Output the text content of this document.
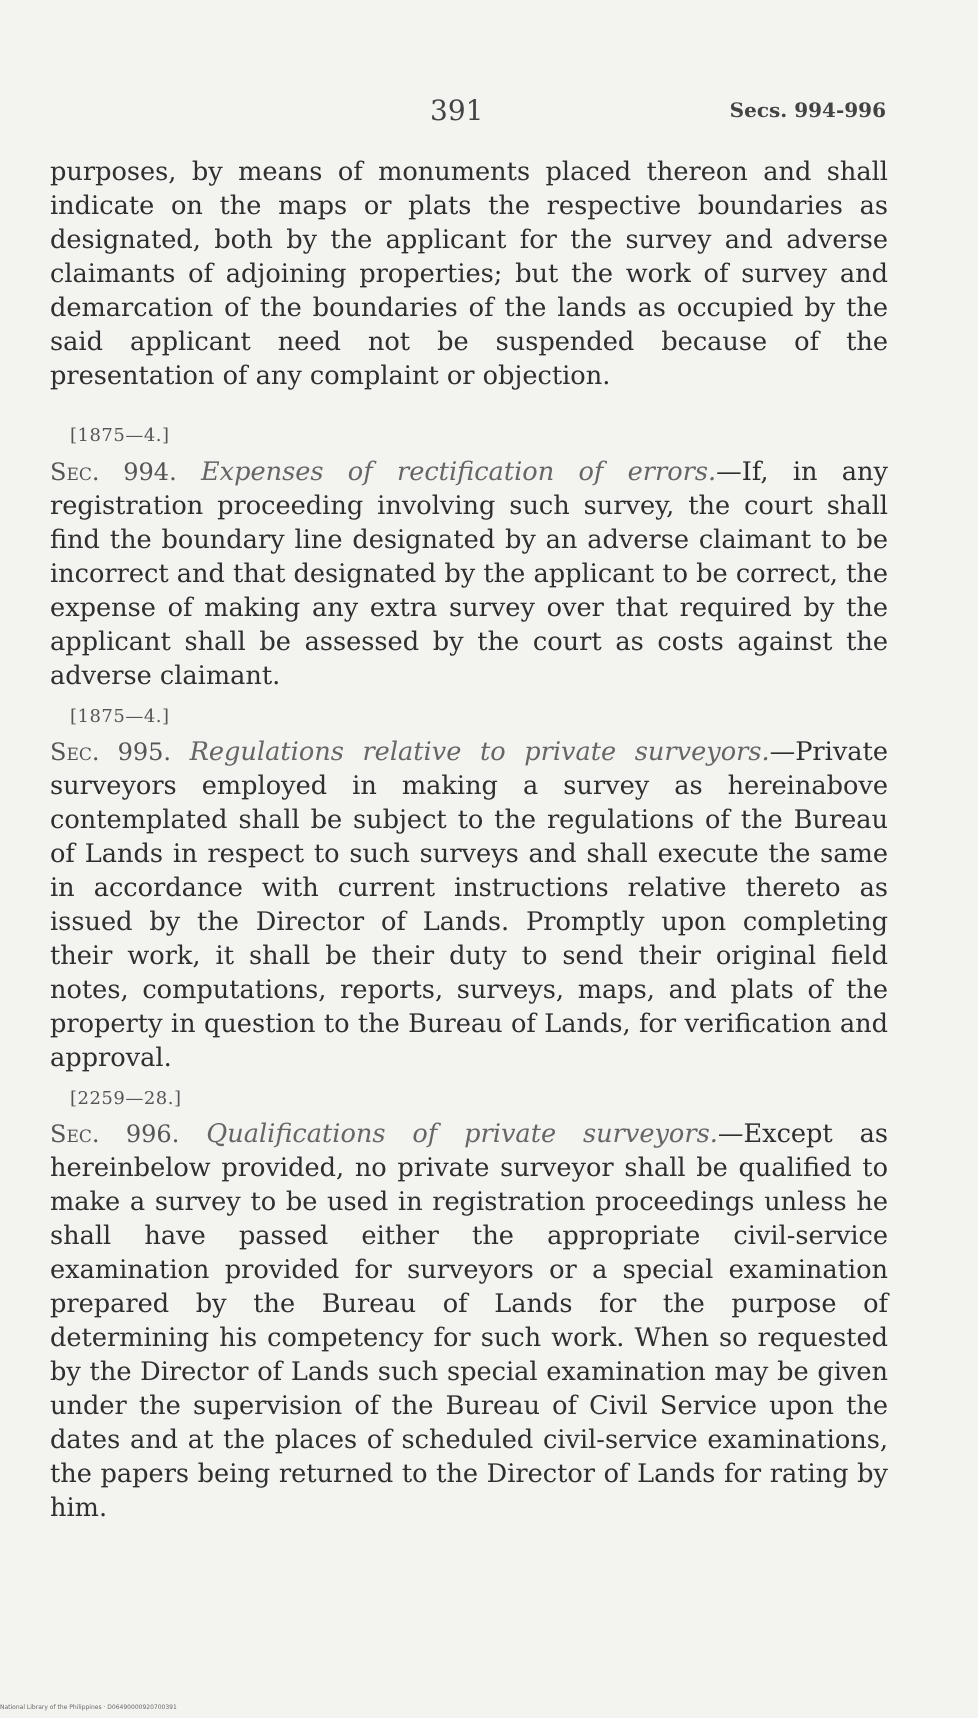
391	Secs. 994-996
purposes, by means of monuments placed thereon and shall indicate on the maps or plats the respective boundaries as designated, both by the applicant for the survey and adverse claimants of adjoining properties; but the work of survey and demarcation of the boundaries of the lands as occupied by the said applicant need not be suspended because of the presentation of any complaint or objection.
[1875—4.]
Sec. 994. Expenses of rectification of errors.—If, in any registration proceeding involving such survey, the court shall find the boundary line designated by an adverse claimant to be incorrect and that designated by the applicant to be correct, the expense of making any extra survey over that required by the applicant shall be assessed by the court as costs against the adverse claimant.
[1875—4.]
Sec. 995. Regulations relative to private surveyors.—Private surveyors employed in making a survey as hereinabove contemplated shall be subject to the regulations of the Bureau of Lands in respect to such surveys and shall execute the same in accordance with current instructions relative thereto as issued by the Director of Lands. Promptly upon completing their work, it shall be their duty to send their original field notes, computations, reports, surveys, maps, and plats of the property in question to the Bureau of Lands, for verification and approval.
[2259—28.]
Sec. 996. Qualifications of private surveyors.—Except as hereinbelow provided, no private surveyor shall be qualified to make a survey to be used in registration proceedings unless he shall have passed either the appropriate civil-service examination provided for surveyors or a special examination prepared by the Bureau of Lands for the purpose of determining his competency for such work. When so requested by the Director of Lands such special examination may be given under the supervision of the Bureau of Civil Service upon the dates and at the places of scheduled civil-service examinations, the papers being returned to the Director of Lands for rating by him.
National Library of the Philippines · D06490000920700391
